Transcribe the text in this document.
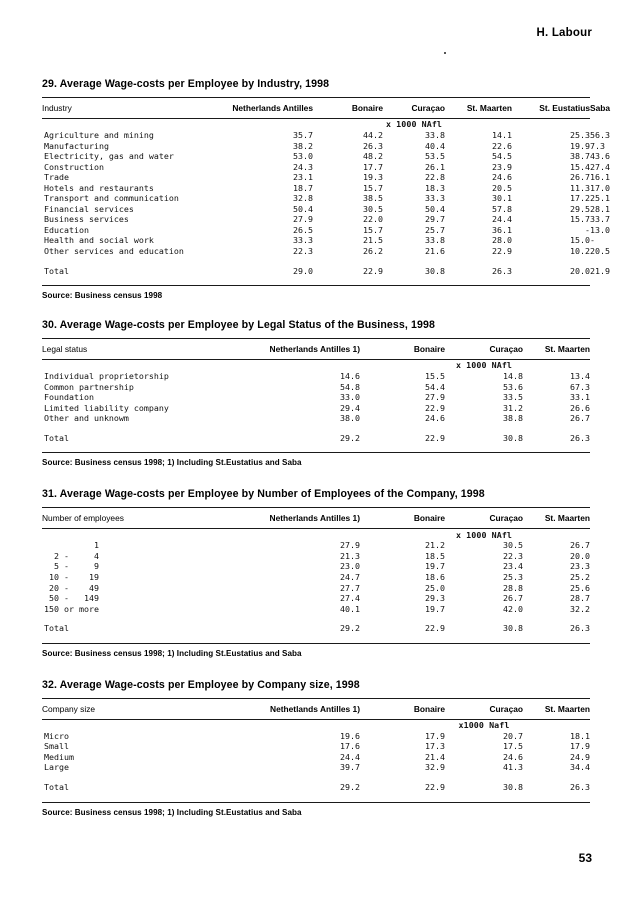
H. Labour
29. Average Wage-costs per Employee by Industry, 1998
Industry	Netherlands Antilles	Bonaire	Curaçao	St. Maarten	St. Eustatius	Saba
			x 1000 NAfl			
Agriculture and mining	35.7	44.2	33.8	14.1	25.3	56.3
Manufacturing	38.2	26.3	40.4	22.6	19.9	7.3
Electricity, gas and water	53.0	48.2	53.5	54.5	38.7	43.6
Construction	24.3	17.7	26.1	23.9	15.4	27.4
Trade	23.1	19.3	22.8	24.6	26.7	16.1
Hotels and restaurants	18.7	15.7	18.3	20.5	11.3	17.0
Transport and communication	32.8	38.5	33.3	30.1	17.2	25.1
Financial services	50.4	30.5	50.4	57.8	29.5	28.1
Business services	27.9	22.0	29.7	24.4	15.7	33.7
Education	26.5	15.7	25.7	36.1	-	13.0
Health and social work	33.3	21.5	33.8	28.0	15.0	-
Other services and education	22.3	26.2	21.6	22.9	10.2	20.5

Total	29.0	22.9	30.8	26.3	20.0	21.9

Source: Business census 1998
30. Average Wage-costs per Employee by Legal Status of the Business, 1998
Legal status	Netherlands Antilles 1)	Bonaire	Curaçao	St. Maarten
			x 1000 NAfl	
Individual proprietorship	14.6	15.5	14.8	13.4
Common partnership	54.8	54.4	53.6	67.3
Foundation	33.0	27.9	33.5	33.1
Limited liability company	29.4	22.9	31.2	26.6
Other and unknowm	38.0	24.6	38.8	26.7

Total	29.2	22.9	30.8	26.3

Source: Business census 1998; 1) Including St.Eustatius and Saba
31. Average Wage-costs per Employee by Number of Employees of the Company, 1998
Number of employees	Netherlands Antilles 1)	Bonaire	Curaçao	St. Maarten
			x 1000 NAfl	
1	27.9	21.2	30.5	26.7
2 -     4	21.3	18.5	22.3	20.0
5 -     9	23.0	19.7	23.4	23.3
10 -    19	24.7	18.6	25.3	25.2
20 -    49	27.7	25.0	28.8	25.6
50 -   149	27.4	29.3	26.7	28.7
150 or more	40.1	19.7	42.0	32.2

Total	29.2	22.9	30.8	26.3

Source: Business census 1998; 1) Including St.Eustatius and Saba
32. Average Wage-costs per Employee by Company size, 1998
Company size	Nethetlands Antilles 1)	Bonaire	Curaçao	St. Maarten
			x1000 Nafl	
Micro	19.6	17.9	20.7	18.1
Small	17.6	17.3	17.5	17.9
Medium	24.4	21.4	24.6	24.9
Large	39.7	32.9	41.3	34.4

Total	29.2	22.9	30.8	26.3

Source: Business census 1998; 1) Including St.Eustatius and Saba
53
